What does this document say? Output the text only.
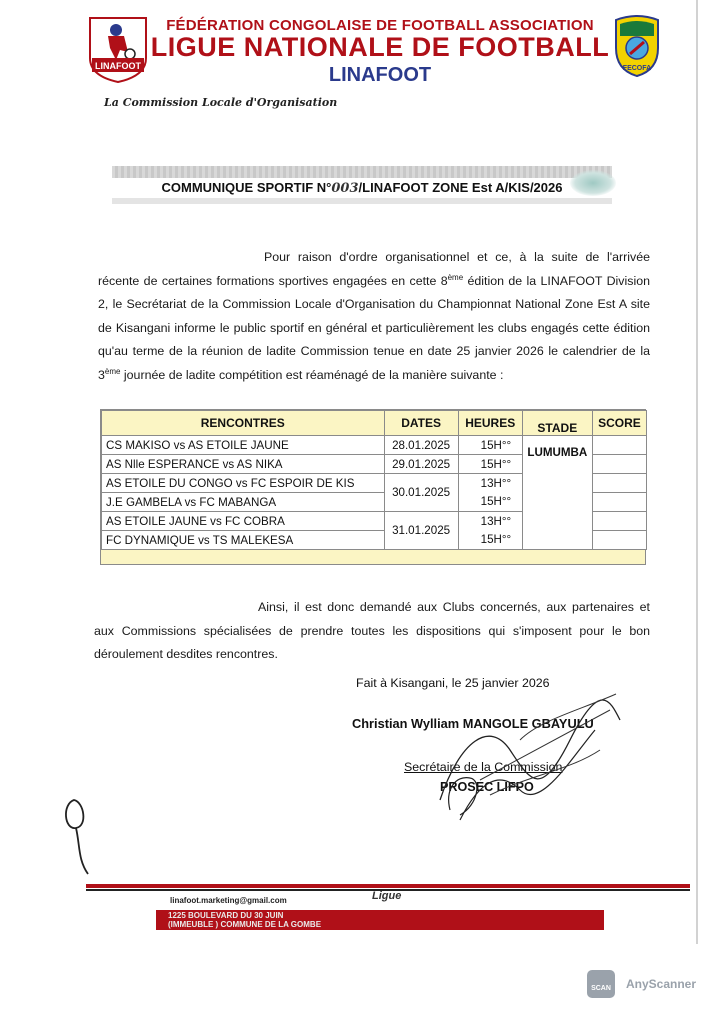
LINAFOOT
FÉDÉRATION CONGOLAISE DE FOOTBALL ASSOCIATION
LIGUE NATIONALE DE FOOTBALL
LINAFOOT	FECOFA
La Commission Locale d'Organisation
COMMUNIQUE SPORTIF N°003/LINAFOOT ZONE Est A/KIS/2026
Pour raison d'ordre organisationnel et ce, à la suite de l'arrivée récente de certaines formations sportives engagées en cette 8ème édition de la LINAFOOT Division 2, le Secrétariat de la Commission Locale d'Organisation du Championnat National Zone Est A site de Kisangani informe le public sportif en général et particulièrement les clubs engagés cette édition qu'au terme de la réunion de ladite Commission tenue en date 25 janvier 2026 le calendrier de la 3ème journée de ladite compétition est réaménagé de la manière suivante :
RENCONTRES	DATES	HEURES	STADE	SCORE
CS MAKISO vs AS ETOILE JAUNE	28.01.2025	15H°°	LUMUMBA	
AS Nlle ESPERANCE vs AS NIKA	29.01.2025	15H°°		
AS ETOILE DU CONGO vs FC ESPOIR DE KIS	30.01.2025	13H°°		
J.E GAMBELA vs FC MABANGA		15H°°		
AS ETOILE JAUNE vs FC COBRA	31.01.2025	13H°°		
FC DYNAMIQUE vs TS MALEKESA		15H°°		
Ainsi, il est donc demandé aux Clubs concernés, aux partenaires et aux Commissions spécialisées de prendre toutes les dispositions qui s'imposent pour le bon déroulement desdites rencontres.
Fait à Kisangani, le 25 janvier 2026
Christian Wylliam MANGOLE GBAYULU
Secrétaire de la Commission
PROSEC LIFPO
linafoot.marketing@gmail.com	Ligue
1225 BOULEVARD DU 30 JUIN
(IMMEUBLE ) COMMUNE DE LA GOMBE
SCAN	AnyScanner
